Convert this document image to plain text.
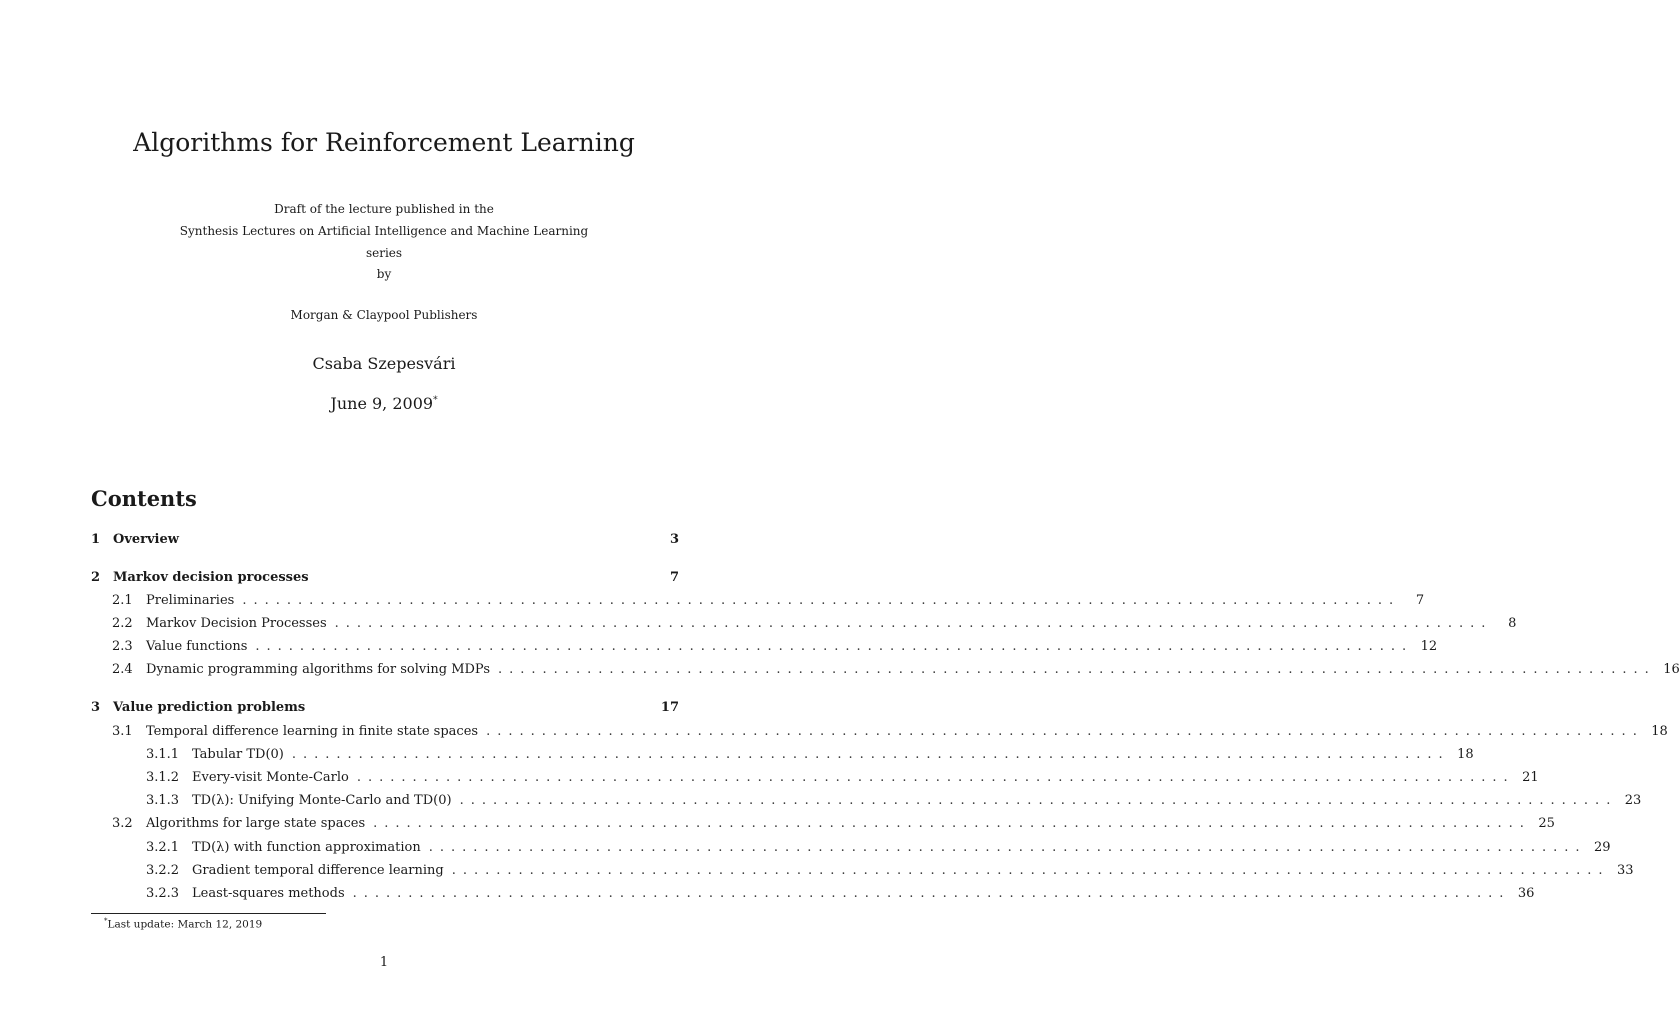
Algorithms for Reinforcement Learning
Draft of the lecture published in the
Synthesis Lectures on Artificial Intelligence and Machine Learning
series
by
Morgan & Claypool Publishers
Csaba Szepesvári
June 9, 2009*
Contents
1 Overview	3
2 Markov decision processes	7
2.1	Preliminaries ........................................................................................................	7
2.2	Markov Decision Processes ........................................................................................................	8
2.3	Value functions ........................................................................................................ 12
2.4	Dynamic programming algorithms for solving MDPs ........................................................................................................ 16
3 Value prediction problems	17
3.1	Temporal difference learning in finite state spaces ........................................................................................................ 18
3.1.1 Tabular TD(0) ........................................................................................................ 18
3.1.2 Every-visit Monte-Carlo ........................................................................................................ 21
3.1.3 TD(λ): Unifying Monte-Carlo and TD(0) ........................................................................................................ 23
3.2	Algorithms for large state spaces ........................................................................................................ 25
3.2.1 TD(λ) with function approximation ........................................................................................................ 29
3.2.2 Gradient temporal difference learning ........................................................................................................ 33
3.2.3 Least-squares methods ........................................................................................................ 36
*Last update: March 12, 2019
1
